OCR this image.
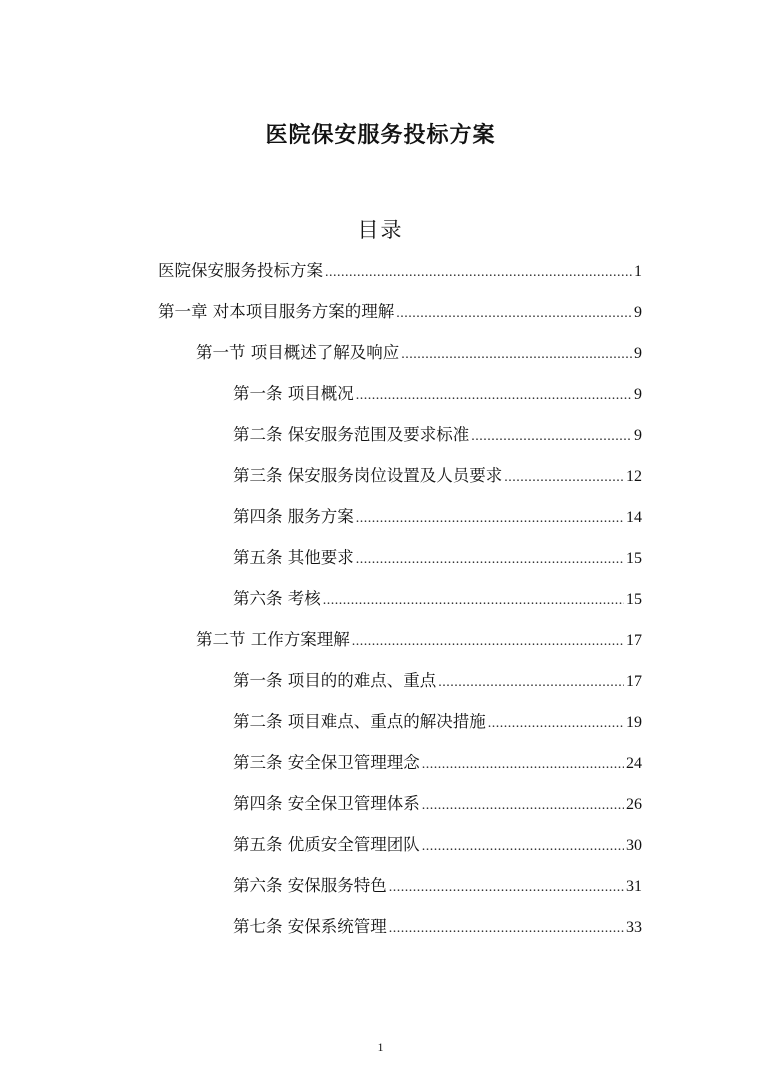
医院保安服务投标方案
目录
医院保安服务投标方案 .....	1
第一章 对本项目服务方案的理解 .....	9
第一节 项目概述了解及响应 .....	9
第一条 项目概况 .....	9
第二条 保安服务范围及要求标准 .....	9
第三条 保安服务岗位设置及人员要求 .....	12
第四条 服务方案 .....	14
第五条 其他要求 .....	15
第六条 考核 .....	15
第二节 工作方案理解 .....	17
第一条 项目的的难点、重点 .....	17
第二条 项目难点、重点的解决措施 .....	19
第三条 安全保卫管理理念 .....	24
第四条 安全保卫管理体系 .....	26
第五条 优质安全管理团队 .....	30
第六条 安保服务特色 .....	31
第七条 安保系统管理 .....	33
1
